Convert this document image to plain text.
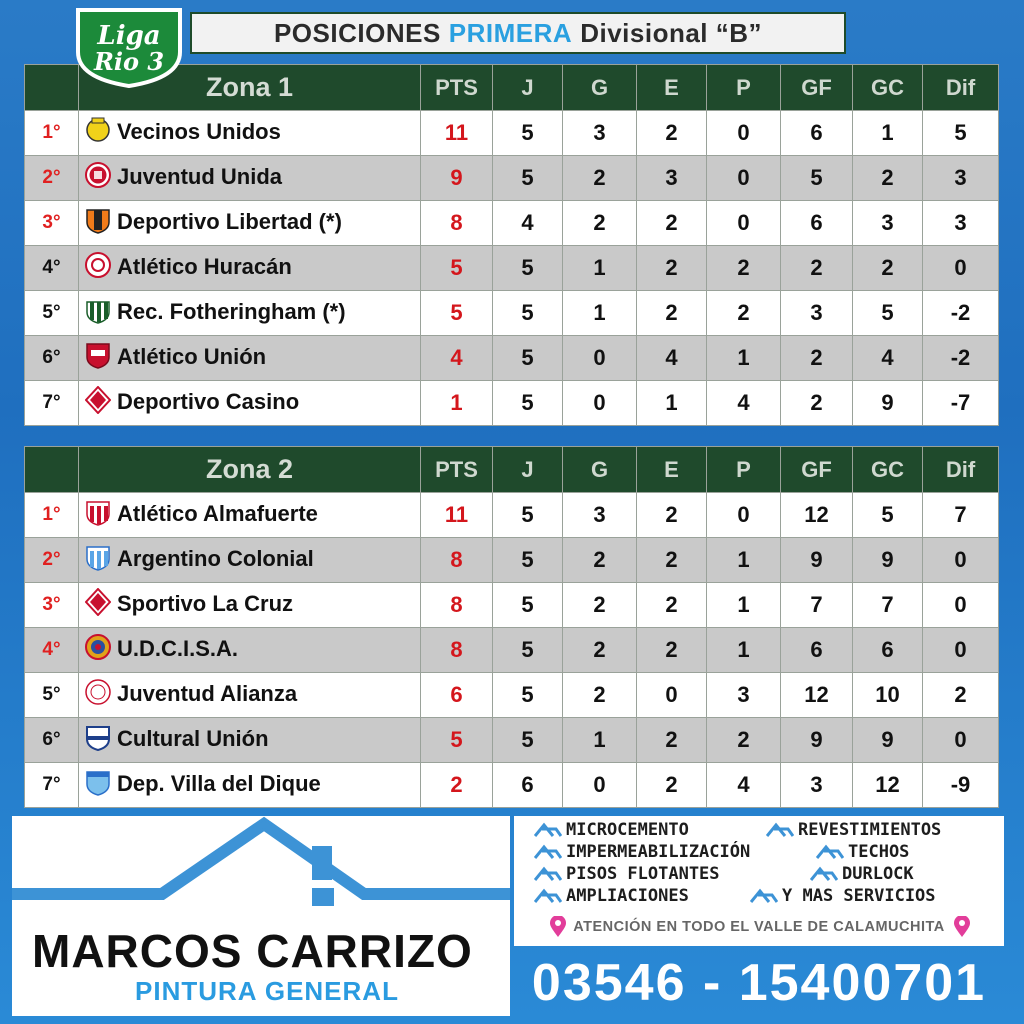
Liga
Rio 3
POSICIONES PRIMERA Divisional “B”
	Zona 1	PTS	J	G	E	P	GF	GC	Dif
1°	Vecinos Unidos	11	5	3	2	0	6	1	5
2°	Juventud Unida	9	5	2	3	0	5	2	3
3°	Deportivo Libertad (*)	8	4	2	2	0	6	3	3
4°	Atlético Huracán	5	5	1	2	2	2	2	0
5°	Rec. Fotheringham (*)	5	5	1	2	2	3	5	-2
6°	Atlético Unión	4	5	0	4	1	2	4	-2
7°	Deportivo Casino	1	5	0	1	4	2	9	-7
	Zona 2	PTS	J	G	E	P	GF	GC	Dif
1°	Atlético Almafuerte	11	5	3	2	0	12	5	7
2°	Argentino Colonial	8	5	2	2	1	9	9	0
3°	Sportivo La Cruz	8	5	2	2	1	7	7	0
4°	U.D.C.I.S.A.	8	5	2	2	1	6	6	0
5°	Juventud Alianza	6	5	2	0	3	12	10	2
6°	Cultural Unión	5	5	1	2	2	9	9	0
7°	Dep. Villa del Dique	2	6	0	2	4	3	12	-9
MARCOS CARRIZO
PINTURA GENERAL
MICROCEMENTO	REVESTIMIENTOS
IMPERMEABILIZACIÓN	TECHOS
PISOS FLOTANTES	DURLOCK
AMPLIACIONES	Y MAS SERVICIOS
ATENCIÓN EN TODO EL VALLE DE CALAMUCHITA
03546 - 15400701
